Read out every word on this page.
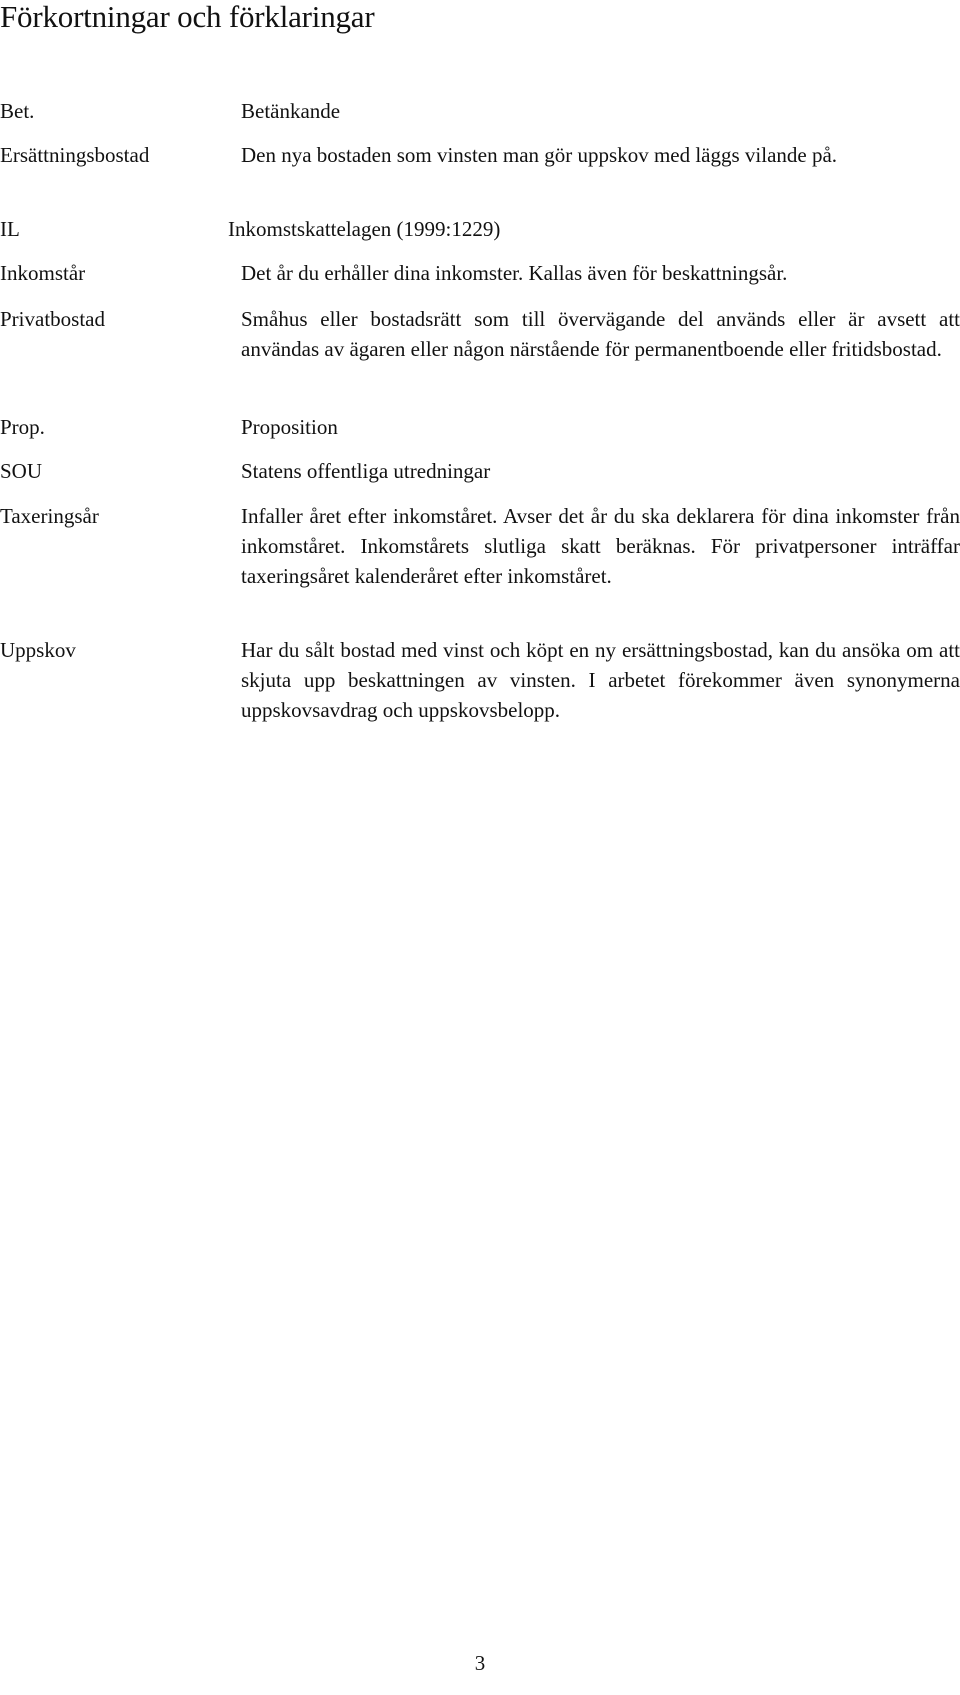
Förkortningar och förklaringar
Bet.	Betänkande
Ersättningsbostad	Den nya bostaden som vinsten man gör uppskov med läggs vilande på.
IL	Inkomstskattelagen (1999:1229)
Inkomstår	Det år du erhåller dina inkomster. Kallas även för beskattningsår.
Privatbostad	Småhus eller bostadsrätt som till övervägande del används eller är avsett att användas av ägaren eller någon närstående för permanentboende eller fritidsbostad.
Prop.	Proposition
SOU	Statens offentliga utredningar
Taxeringsår	Infaller året efter inkomståret. Avser det år du ska deklarera för dina inkomster från inkomståret. Inkomstårets slutliga skatt beräknas. För privatpersoner inträffar taxeringsåret kalenderåret efter inkomståret.
Uppskov	Har du sålt bostad med vinst och köpt en ny ersättningsbostad, kan du ansöka om att skjuta upp beskattningen av vinsten. I arbetet förekommer även synonymerna uppskovsavdrag och uppskovsbelopp.
3
